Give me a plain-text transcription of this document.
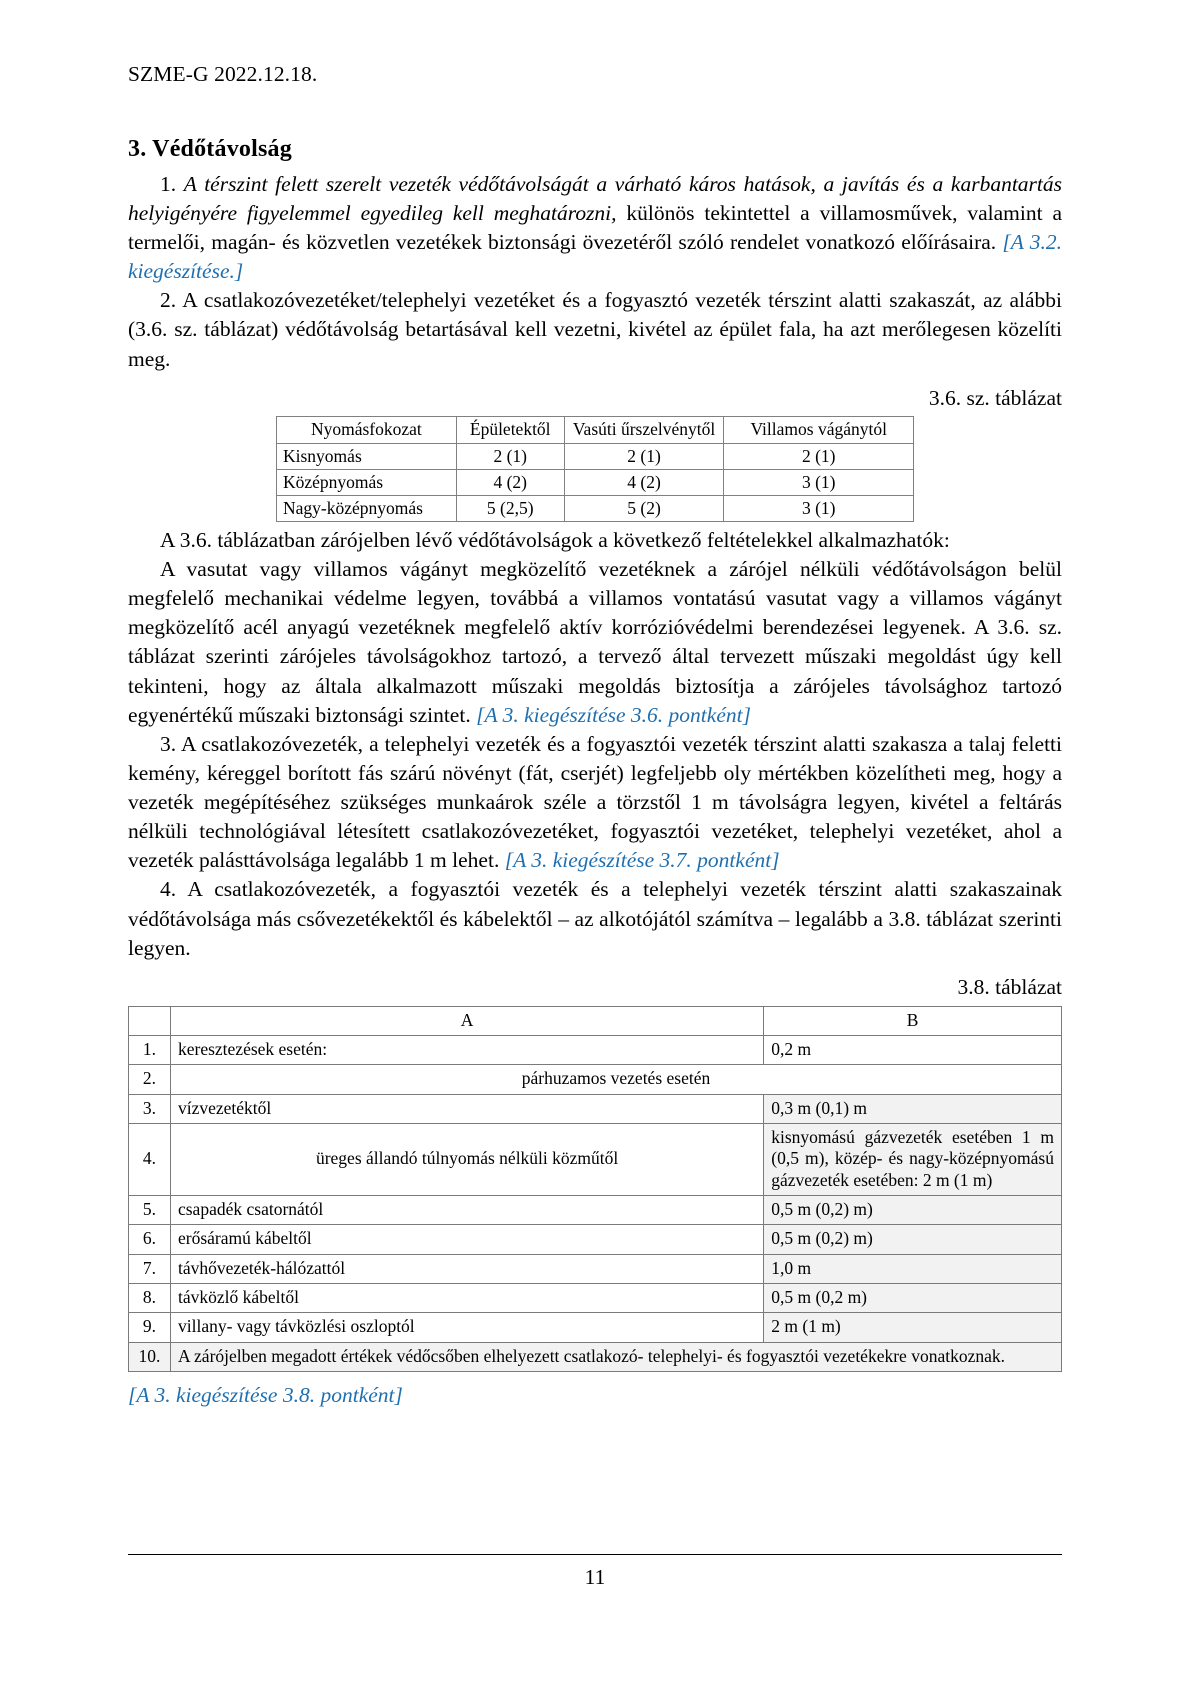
SZME-G 2022.12.18.
3. Védőtávolság

1. A térszint felett szerelt vezeték védőtávolságát a várható káros hatások, a javítás és a karbantartás helyigényére figyelemmel egyedileg kell meghatározni, különös tekintettel a villamosművek, valamint a termelői, magán- és közvetlen vezetékek biztonsági övezetéről szóló rendelet vonatkozó előírásaira. [A 3.2. kiegészítése.]

2. A csatlakozóvezetéket/telephelyi vezetéket és a fogyasztó vezeték térszint alatti szakaszát, az alábbi (3.6. sz. táblázat) védőtávolság betartásával kell vezetni, kivétel az épület fala, ha azt merőlegesen közelíti meg.

3.6. sz. táblázat
Nyomásfokozat	Épületektől	Vasúti űrszelvénytől	Villamos vágánytól
Kisnyomás	2 (1)	2 (1)	2 (1)
Középnyomás	4 (2)	4 (2)	3 (1)
Nagy-középnyomás	5 (2,5)	5 (2)	3 (1)

A 3.6. táblázatban zárójelben lévő védőtávolságok a következő feltételekkel alkalmazhatók:

A vasutat vagy villamos vágányt megközelítő vezetéknek a zárójel nélküli védőtávolságon belül megfelelő mechanikai védelme legyen, továbbá a villamos vontatású vasutat vagy a villamos vágányt megközelítő acél anyagú vezetéknek megfelelő aktív korrózióvédelmi berendezései legyenek. A 3.6. sz. táblázat szerinti zárójeles távolságokhoz tartozó, a tervező által tervezett műszaki megoldást úgy kell tekinteni, hogy az általa alkalmazott műszaki megoldás biztosítja a zárójeles távolsághoz tartozó egyenértékű műszaki biztonsági szintet. [A 3. kiegészítése 3.6. pontként]

3. A csatlakozóvezeték, a telephelyi vezeték és a fogyasztói vezeték térszint alatti szakasza a talaj feletti kemény, kéreggel borított fás szárú növényt (fát, cserjét) legfeljebb oly mértékben közelítheti meg, hogy a vezeték megépítéséhez szükséges munkaárok széle a törzstől 1 m távolságra legyen, kivétel a feltárás nélküli technológiával létesített csatlakozóvezetéket, fogyasztói vezetéket, telephelyi vezetéket, ahol a vezeték palásttávolsága legalább 1 m lehet. [A 3. kiegészítése 3.7. pontként]

4. A csatlakozóvezeték, a fogyasztói vezeték és a telephelyi vezeték térszint alatti szakaszainak védőtávolsága más csővezetékektől és kábelektől – az alkotójától számítva – legalább a 3.8. táblázat szerinti legyen.

3.8. táblázat
	A	B
1.	keresztezések esetén:	0,2 m
2.	párhuzamos vezetés esetén	
3.	vízvezetéktől	0,3 m (0,1) m
4.	üreges állandó túlnyomás nélküli közműtől	kisnyomású gázvezeték esetében 1 m (0,5 m), közép- és nagy-középnyomású gázvezeték esetében: 2 m (1 m)
5.	csapadék csatornától	0,5 m (0,2) m)
6.	erősáramú kábeltől	0,5 m (0,2) m)
7.	távhővezeték-hálózattól	1,0 m
8.	távközlő kábeltől	0,5 m (0,2 m)
9.	villany- vagy távközlési oszloptól	2 m (1 m)
10.	A zárójelben megadott értékek védőcsőben elhelyezett csatlakozó- telephelyi- és fogyasztói vezetékekre vonatkoznak.	

[A 3. kiegészítése 3.8. pontként]

11
